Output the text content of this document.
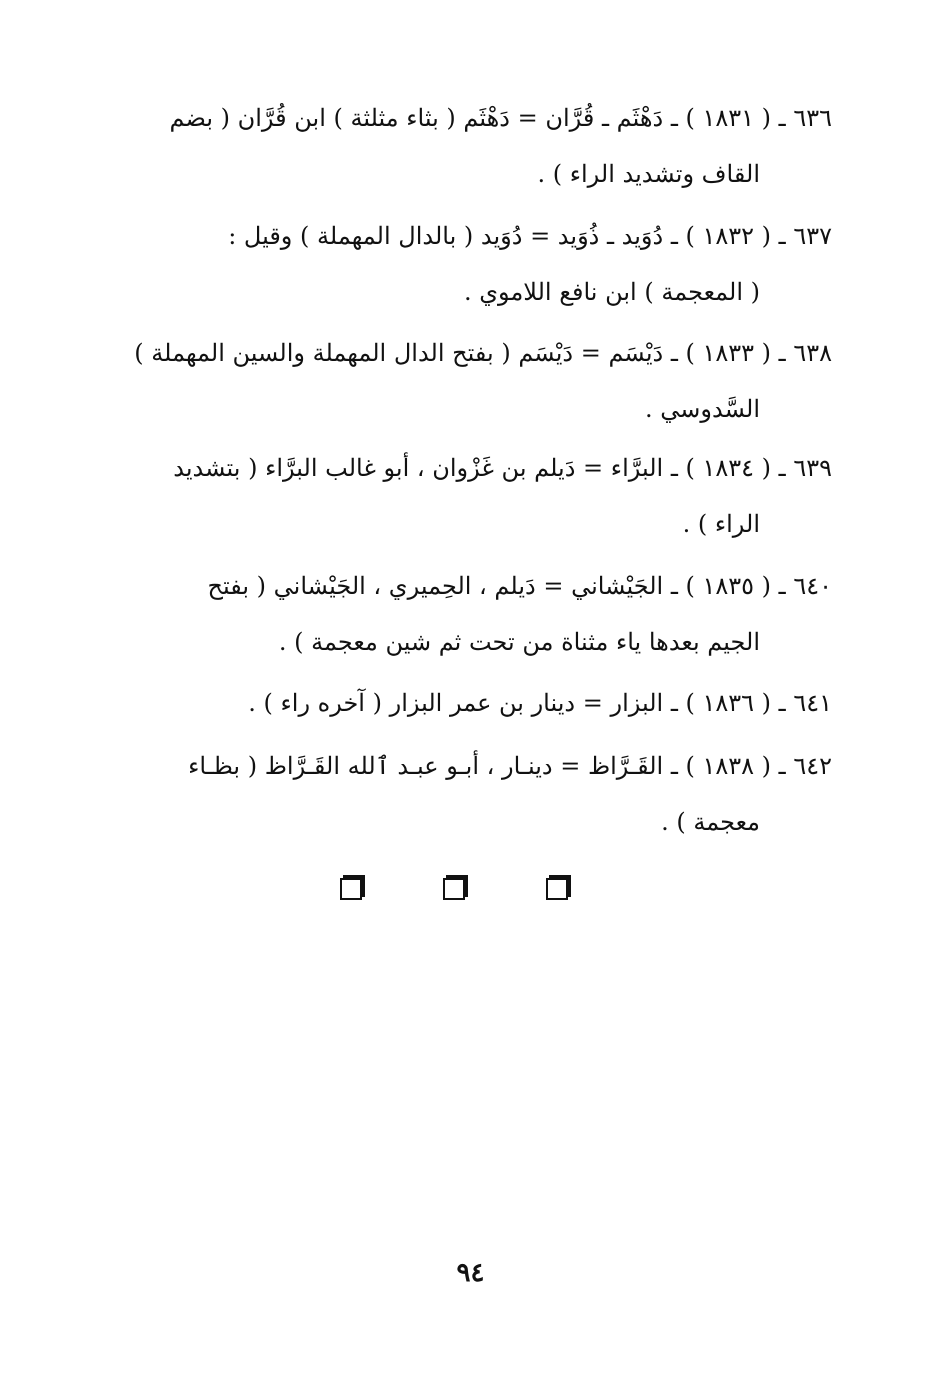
٦٣٦ ـ ( ١٨٣١ ) ـ دَهْثَم ـ قُرَّان = دَهْثَم ( بثاء مثلثة ) ابن قُرَّان ( بضم
القاف وتشديد الراء ) .
٦٣٧ ـ ( ١٨٣٢ ) ـ دُوَيد ـ ذُوَيد = دُوَيد ( بالدال المهملة ) وقيل :
( المعجمة ) ابن نافع اللاموي .
٦٣٨ ـ ( ١٨٣٣ ) ـ دَيْسَم = دَيْسَم ( بفتح الدال المهملة والسين المهملة )
السَّدوسي .
٦٣٩ ـ ( ١٨٣٤ ) ـ البرَّاء = دَيلم بن غَزْوان ، أبو غالب البرَّاء ( بتشديد
الراء ) .
٦٤٠ ـ ( ١٨٣٥ ) ـ الجَيْشاني = دَيلم ، الحِميري ، الجَيْشاني ( بفتح
الجيم بعدها ياء مثناة من تحت ثم شين معجمة ) .
٦٤١ ـ ( ١٨٣٦ ) ـ البزار = دينار بن عمر البزار ( آخره راء ) .
٦٤٢ ـ ( ١٨٣٨ ) ـ القَـرَّاظ = دينـار ، أبـو عبـد ٱلله القَـرَّاظ ( بظـاء
معجمة ) .
٩٤
